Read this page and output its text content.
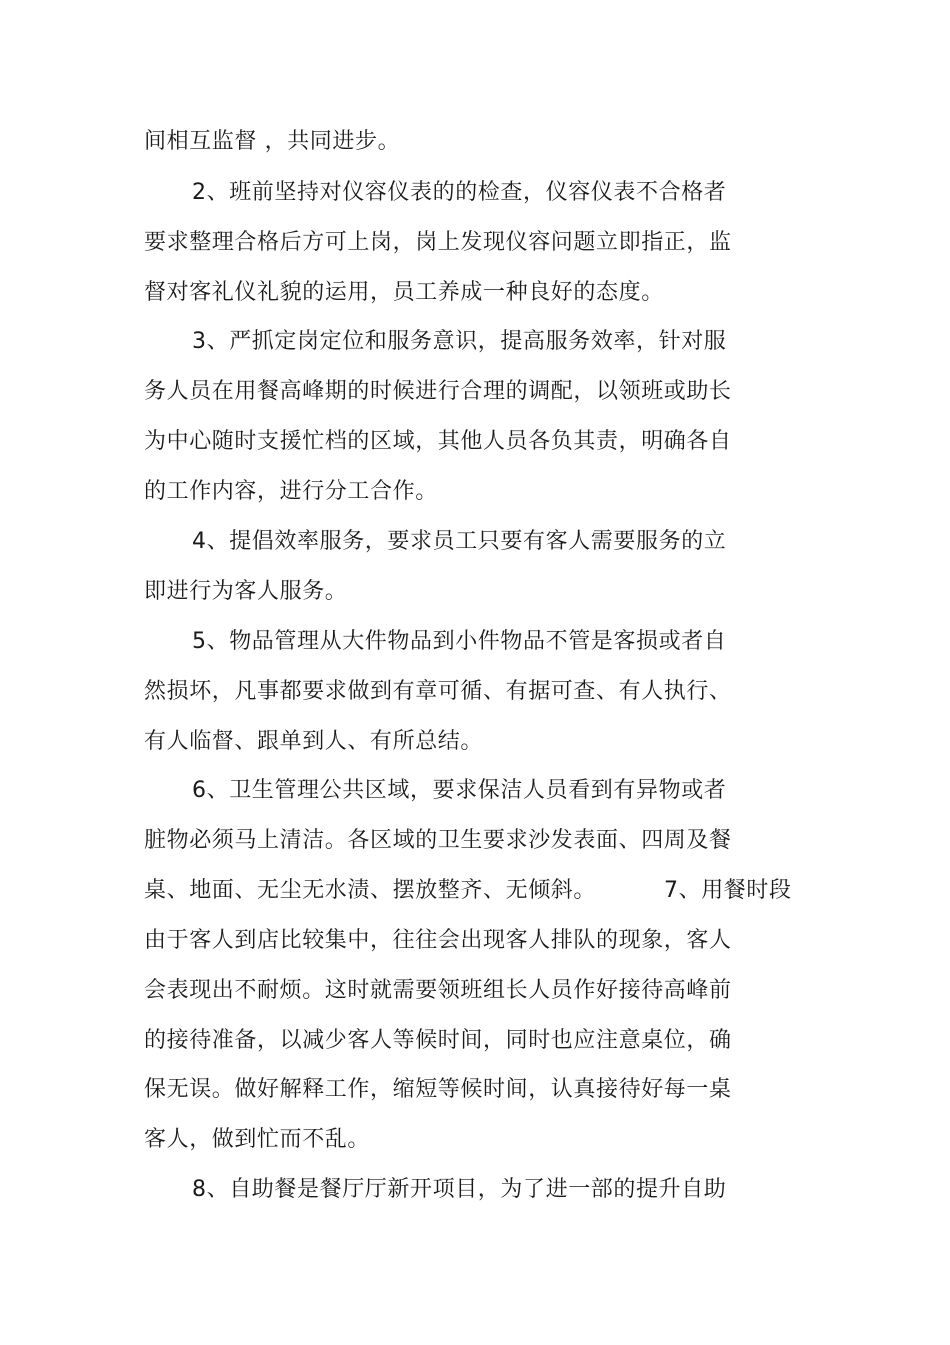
间相互监督 ，共同进步。
2、班前坚持对仪容仪表的的检查，仪容仪表不合格者
要求整理合格后方可上岗，岗上发现仪容问题立即指正，监
督对客礼仪礼貌的运用，员工养成一种良好的态度。
3、严抓定岗定位和服务意识，提高服务效率，针对服
务人员在用餐高峰期的时候进行合理的调配，以领班或助长
为中心随时支援忙档的区域，其他人员各负其责，明确各自
的工作内容，进行分工合作。
4、提倡效率服务，要求员工只要有客人需要服务的立
即进行为客人服务。
5、物品管理从大件物品到小件物品不管是客损或者自
然损坏，凡事都要求做到有章可循、有据可查、有人执行、
有人临督、跟单到人、有所总结。
6、卫生管理公共区域，要求保洁人员看到有异物或者
脏物必须马上清洁。各区域的卫生要求沙发表面、四周及餐
桌、地面、无尘无水渍、摆放整齐、无倾斜。	7、用餐时段
由于客人到店比较集中，往往会出现客人排队的现象，客人
会表现出不耐烦。这时就需要领班组长人员作好接待高峰前
的接待准备，以减少客人等候时间，同时也应注意桌位，确
保无误。做好解释工作，缩短等候时间，认真接待好每一桌
客人，做到忙而不乱。
8、自助餐是餐厅厅新开项目，为了进一部的提升自助
